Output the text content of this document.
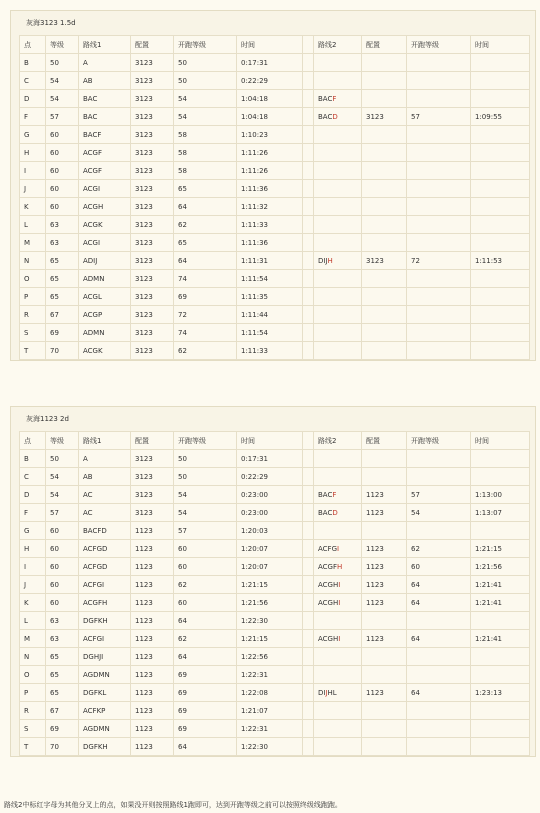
灰海3123 1.5d
点	等级	路线1	配置	开跑等级	时间		路线2	配置	开跑等级	时间
B	50	A	3123	50	0:17:31					
C	54	AB	3123	50	0:22:29					
D	54	BAC	3123	54	1:04:18		BACF			
F	57	BAC	3123	54	1:04:18		BACD	3123	57	1:09:55
G	60	BACF	3123	58	1:10:23					
H	60	ACGF	3123	58	1:11:26					
I	60	ACGF	3123	58	1:11:26					
J	60	ACGI	3123	65	1:11:36					
K	60	ACGH	3123	64	1:11:32					
L	63	ACGK	3123	62	1:11:33					
M	63	ACGI	3123	65	1:11:36					
N	65	ADIJ	3123	64	1:11:31		DIJH	3123	72	1:11:53
O	65	ADMN	3123	74	1:11:54					
P	65	ACGL	3123	69	1:11:35					
R	67	ACGP	3123	72	1:11:44					
S	69	ADMN	3123	74	1:11:54					
T	70	ACGK	3123	62	1:11:33					
灰海1123 2d
点	等级	路线1	配置	开跑等级	时间		路线2	配置	开跑等级	时间
B	50	A	3123	50	0:17:31					
C	54	AB	3123	50	0:22:29					
D	54	AC	3123	54	0:23:00		BACF	1123	57	1:13:00
F	57	AC	3123	54	0:23:00		BACD	1123	54	1:13:07
G	60	BACFD	1123	57	1:20:03					
H	60	ACFGD	1123	60	1:20:07		ACFGI	1123	62	1:21:15
I	60	ACFGD	1123	60	1:20:07		ACGFH	1123	60	1:21:56
J	60	ACFGI	1123	62	1:21:15		ACGHI	1123	64	1:21:41
K	60	ACGFH	1123	60	1:21:56		ACGHI	1123	64	1:21:41
L	63	DGFKH	1123	64	1:22:30					
M	63	ACFGI	1123	62	1:21:15		ACGHI	1123	64	1:21:41
N	65	DGHJI	1123	64	1:22:56					
O	65	AGDMN	1123	69	1:22:31					
P	65	DGFKL	1123	69	1:22:08		DIJHL	1123	64	1:23:13
R	67	ACFKP	1123	69	1:21:07					
S	69	AGDMN	1123	69	1:22:31					
T	70	DGFKH	1123	64	1:22:30					
路线2中标红字母为其他分叉上的点，如果没开则按照路线1跑即可，达到开跑等级之前可以按照终级线跑跑。
